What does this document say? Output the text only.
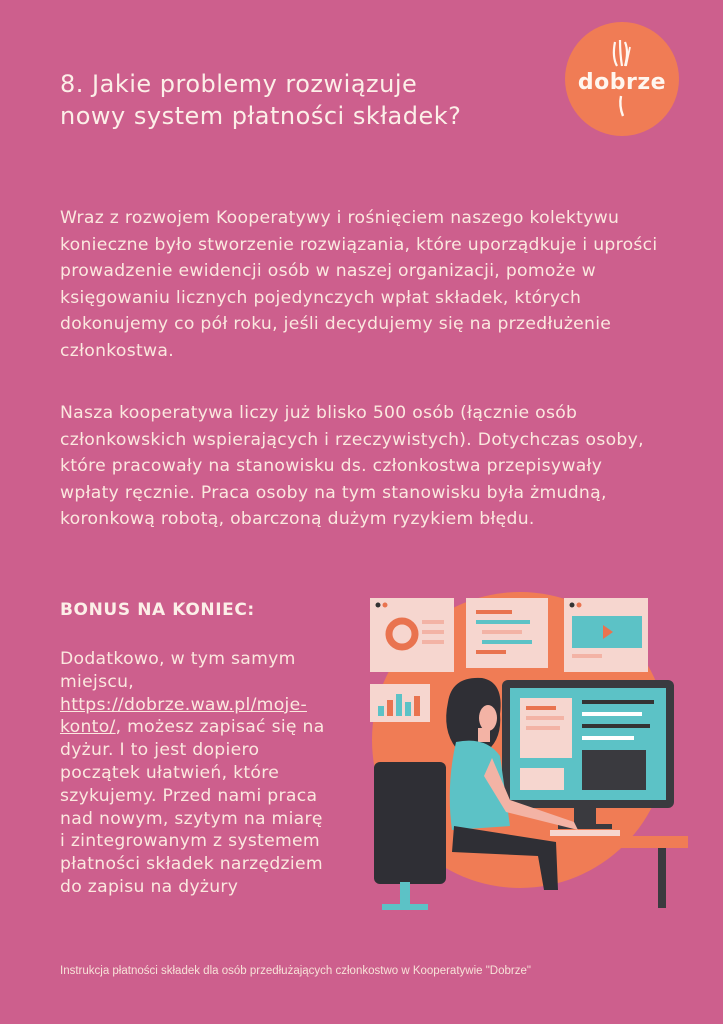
dobrze
8. Jakie problemy rozwiązuje nowy system płatności składek?

Wraz z rozwojem Kooperatywy i rośnięciem naszego kolektywu konieczne było stworzenie rozwiązania, które uporządkuje i uprości prowadzenie ewidencji osób w naszej organizacji, pomoże w księgowaniu licznych pojedynczych wpłat składek, których dokonujemy co pół roku, jeśli decydujemy się na przedłużenie członkostwa.

Nasza kooperatywa liczy już blisko 500 osób (łącznie osób członkowskich wspierających i rzeczywistych). Dotychczas osoby, które pracowały na stanowisku ds. członkostwa przepisywały wpłaty ręcznie. Praca osoby na tym stanowisku była żmudną, koronkową robotą, obarczoną dużym ryzykiem błędu.

BONUS NA KONIEC:

Dodatkowo, w tym samym miejscu, https://dobrze.waw.pl/moje-konto/, możesz zapisać się na dyżur. I to jest dopiero początek ułatwień, które szykujemy. Przed nami praca nad nowym, szytym na miarę i zintegrowanym z systemem płatności składek narzędziem do zapisu na dyżury

Instrukcja płatności składek dla osób przedłużających członkostwo w Kooperatywie "Dobrze"
